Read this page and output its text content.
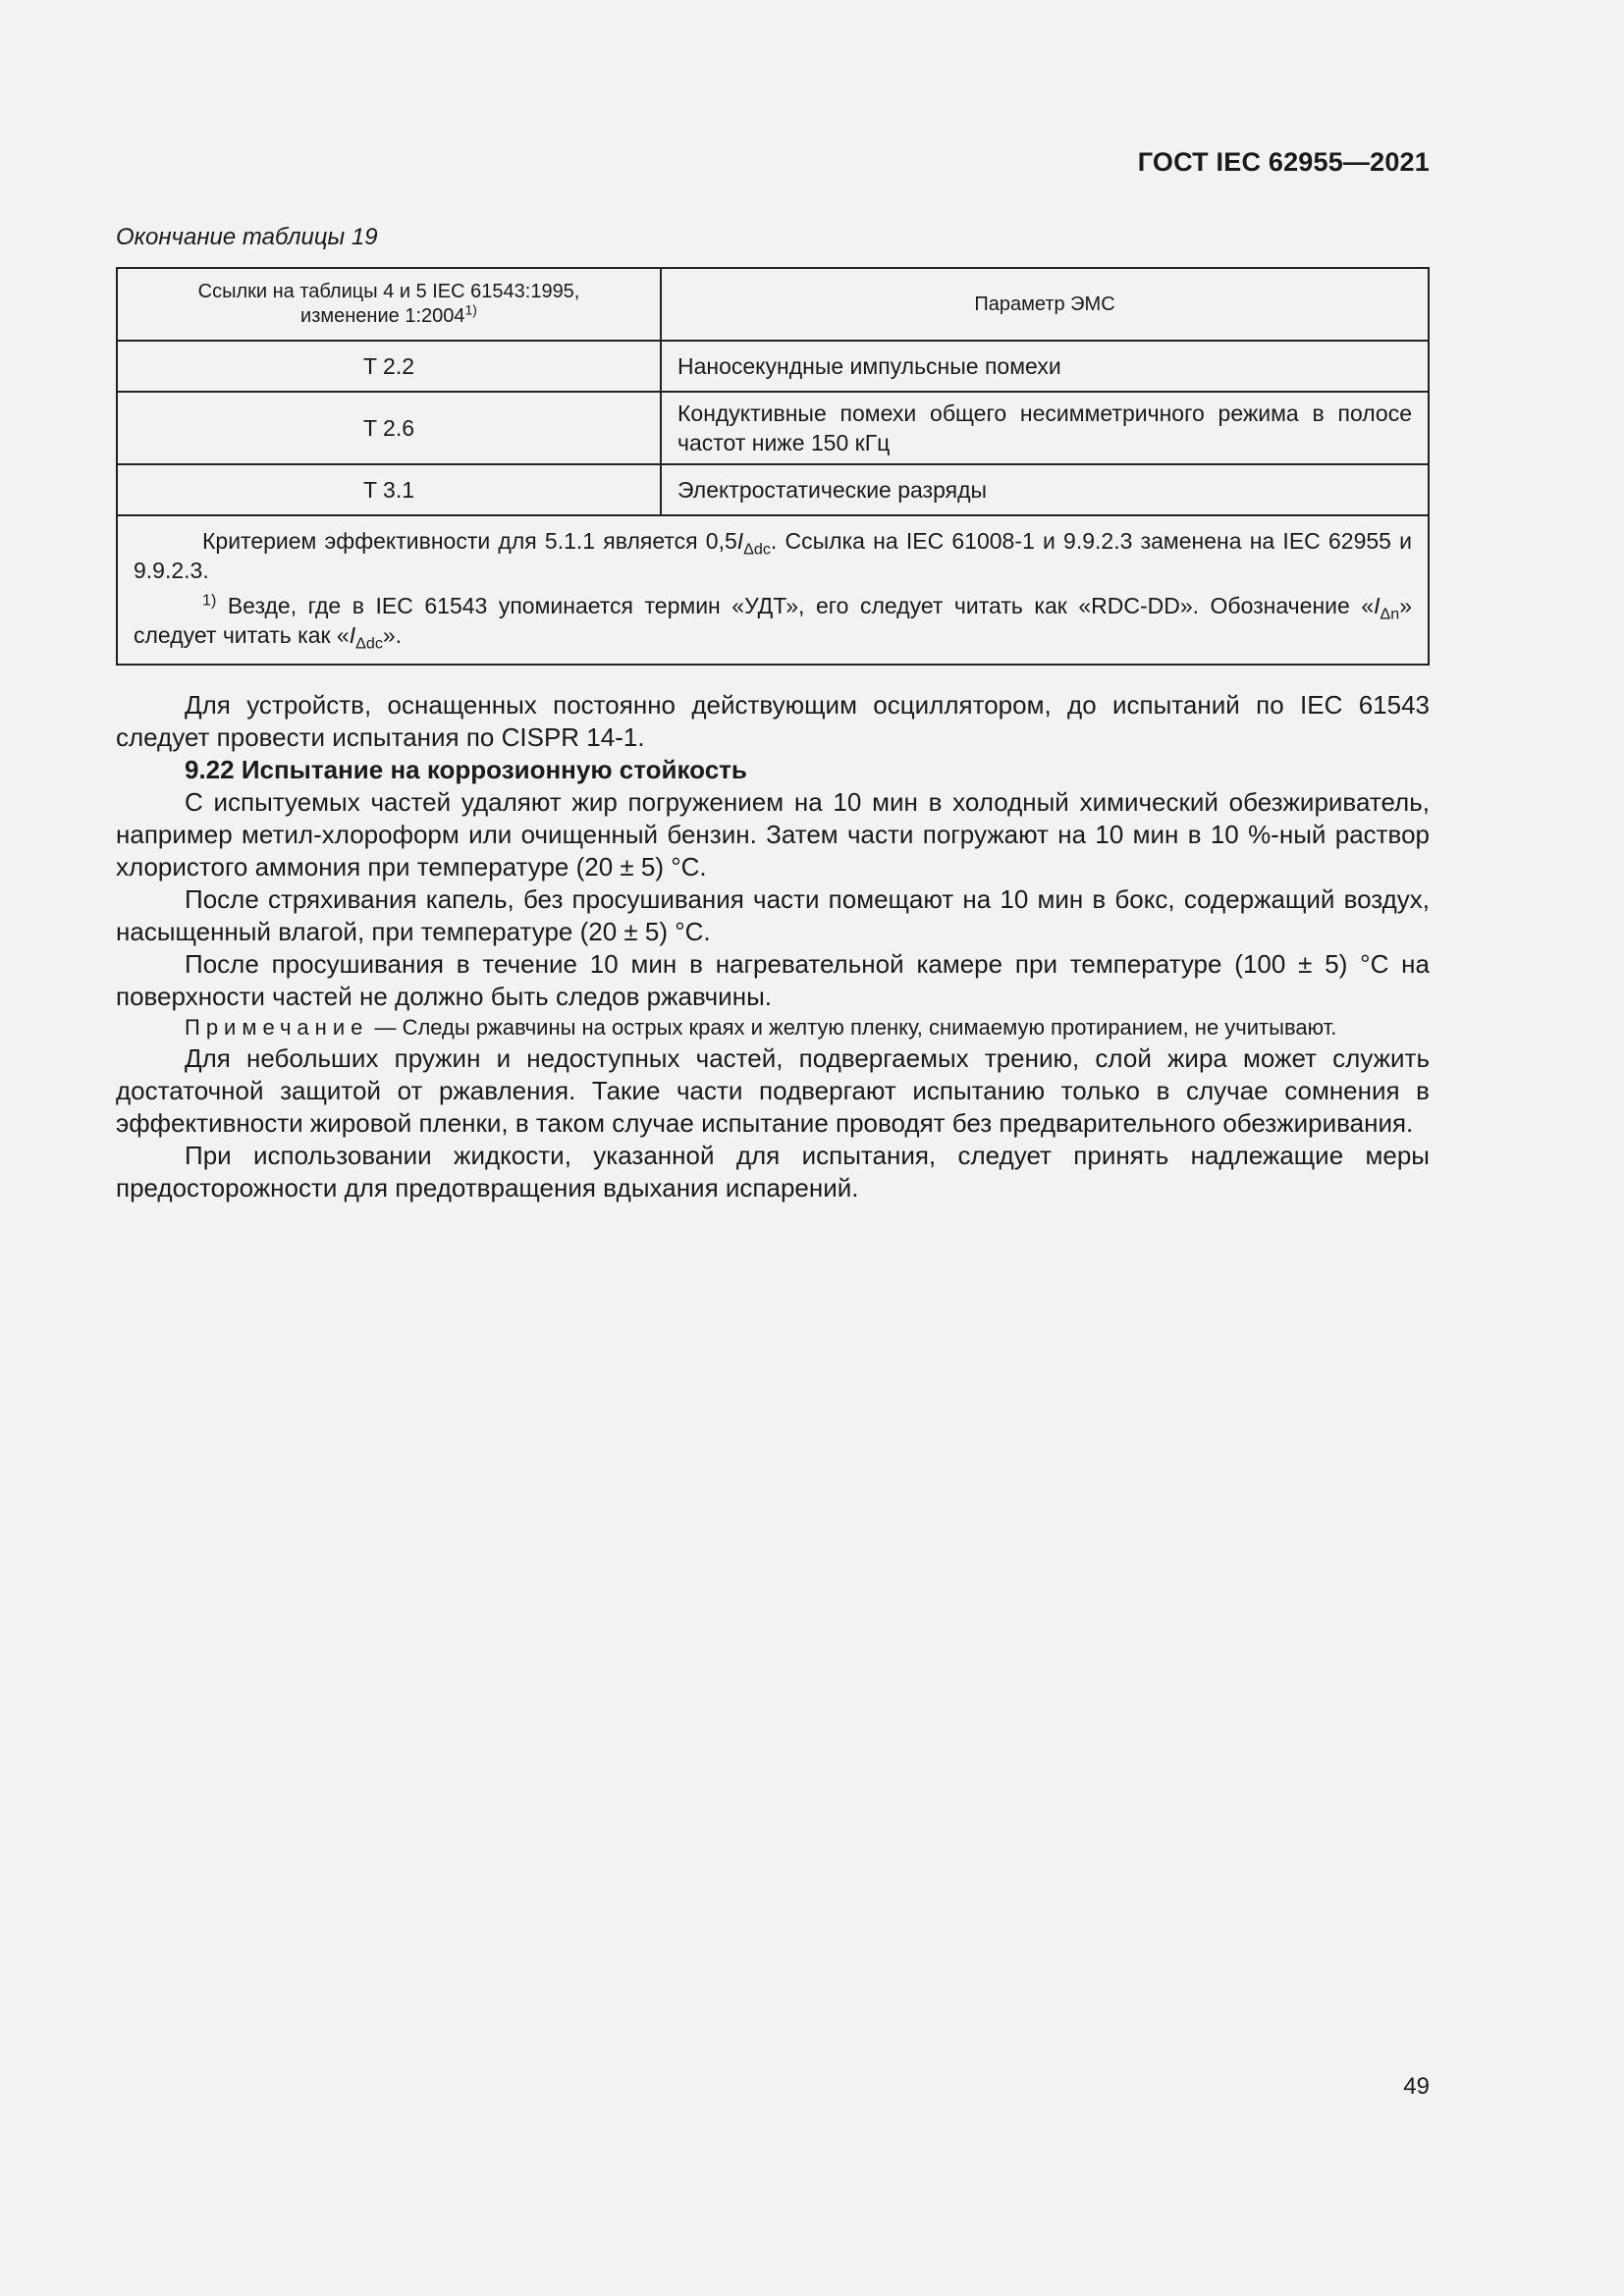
ГОСТ IEC 62955—2021

Окончание таблицы 19

Ссылки на таблицы 4 и 5 IEC 61543:1995,
изменение 1:2004$^{1)}$	Параметр ЭМС
T 2.2	Наносекундные импульсные помехи
T 2.6	Кондуктивные помехи общего несимметричного режима в полосе частот ниже 150 кГц
T 3.1	Электростатические разряды

Критерием эффективности для 5.1.1 является $0,5I_{\Delta dc}$. Ссылка на IEC 61008-1 и 9.9.2.3 заменена на IEC 62955 и 9.9.2.3.

$^{1)}$ Везде, где в IEC 61543 упоминается термин «УДТ», его следует читать как «RDC-DD». Обозначение «$I_{\Delta n}$» следует читать как «$I_{\Delta dc}$».	

Для устройств, оснащенных постоянно действующим осциллятором, до испытаний по IEC 61543 следует провести испытания по CISPR 14-1.

9.22 Испытание на коррозионную стойкость

С испытуемых частей удаляют жир погружением на 10 мин в холодный химический обезжириватель, например метил-хлороформ или очищенный бензин. Затем части погружают на 10 мин в 10 %-ный раствор хлористого аммония при температуре (20 ± 5) °С.

После стряхивания капель, без просушивания части помещают на 10 мин в бокс, содержащий воздух, насыщенный влагой, при температуре (20 ± 5) °С.

После просушивания в течение 10 мин в нагревательной камере при температуре (100 ± 5) °С на поверхности частей не должно быть следов ржавчины.

Примечание — Следы ржавчины на острых краях и желтую пленку, снимаемую протиранием, не учитывают.

Для небольших пружин и недоступных частей, подвергаемых трению, слой жира может служить достаточной защитой от ржавления. Такие части подвергают испытанию только в случае сомнения в эффективности жировой пленки, в таком случае испытание проводят без предварительного обезжиривания.

При использовании жидкости, указанной для испытания, следует принять надлежащие меры предосторожности для предотвращения вдыхания испарений.

49
